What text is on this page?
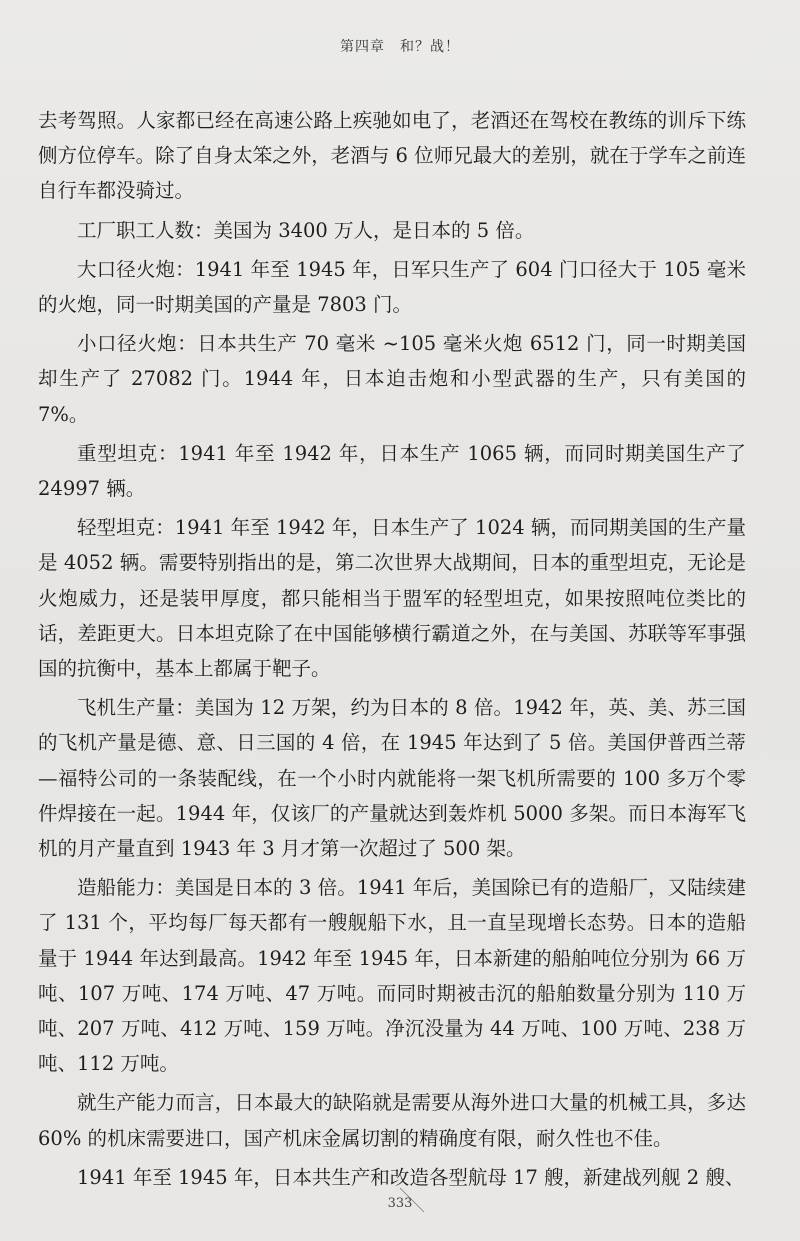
第四章　和？战！

去考驾照。人家都已经在高速公路上疾驰如电了，老酒还在驾校在教练的训斥下练侧方位停车。除了自身太笨之外，老酒与 6 位师兄最大的差别，就在于学车之前连自行车都没骑过。

工厂职工人数：美国为 3400 万人，是日本的 5 倍。

大口径火炮：1941 年至 1945 年，日军只生产了 604 门口径大于 105 毫米的火炮，同一时期美国的产量是 7803 门。

小口径火炮：日本共生产 70 毫米 ~105 毫米火炮 6512 门，同一时期美国却生产了 27082 门。1944 年，日本迫击炮和小型武器的生产，只有美国的 7%。

重型坦克：1941 年至 1942 年，日本生产 1065 辆，而同时期美国生产了 24997 辆。

轻型坦克：1941 年至 1942 年，日本生产了 1024 辆，而同期美国的生产量是 4052 辆。需要特别指出的是，第二次世界大战期间，日本的重型坦克，无论是火炮威力，还是装甲厚度，都只能相当于盟军的轻型坦克，如果按照吨位类比的话，差距更大。日本坦克除了在中国能够横行霸道之外，在与美国、苏联等军事强国的抗衡中，基本上都属于靶子。

飞机生产量：美国为 12 万架，约为日本的 8 倍。1942 年，英、美、苏三国的飞机产量是德、意、日三国的 4 倍，在 1945 年达到了 5 倍。美国伊普西兰蒂—福特公司的一条装配线，在一个小时内就能将一架飞机所需要的 100 多万个零件焊接在一起。1944 年，仅该厂的产量就达到轰炸机 5000 多架。而日本海军飞机的月产量直到 1943 年 3 月才第一次超过了 500 架。

造船能力：美国是日本的 3 倍。1941 年后，美国除已有的造船厂，又陆续建了 131 个，平均每厂每天都有一艘舰船下水，且一直呈现增长态势。日本的造船量于 1944 年达到最高。1942 年至 1945 年，日本新建的船舶吨位分别为 66 万吨、107 万吨、174 万吨、47 万吨。而同时期被击沉的船舶数量分别为 110 万吨、207 万吨、412 万吨、159 万吨。净沉没量为 44 万吨、100 万吨、238 万吨、112 万吨。

就生产能力而言，日本最大的缺陷就是需要从海外进口大量的机械工具，多达 60% 的机床需要进口，国产机床金属切割的精确度有限，耐久性也不佳。

1941 年至 1945 年，日本共生产和改造各型航母 17 艘，新建战列舰 2 艘、

333
